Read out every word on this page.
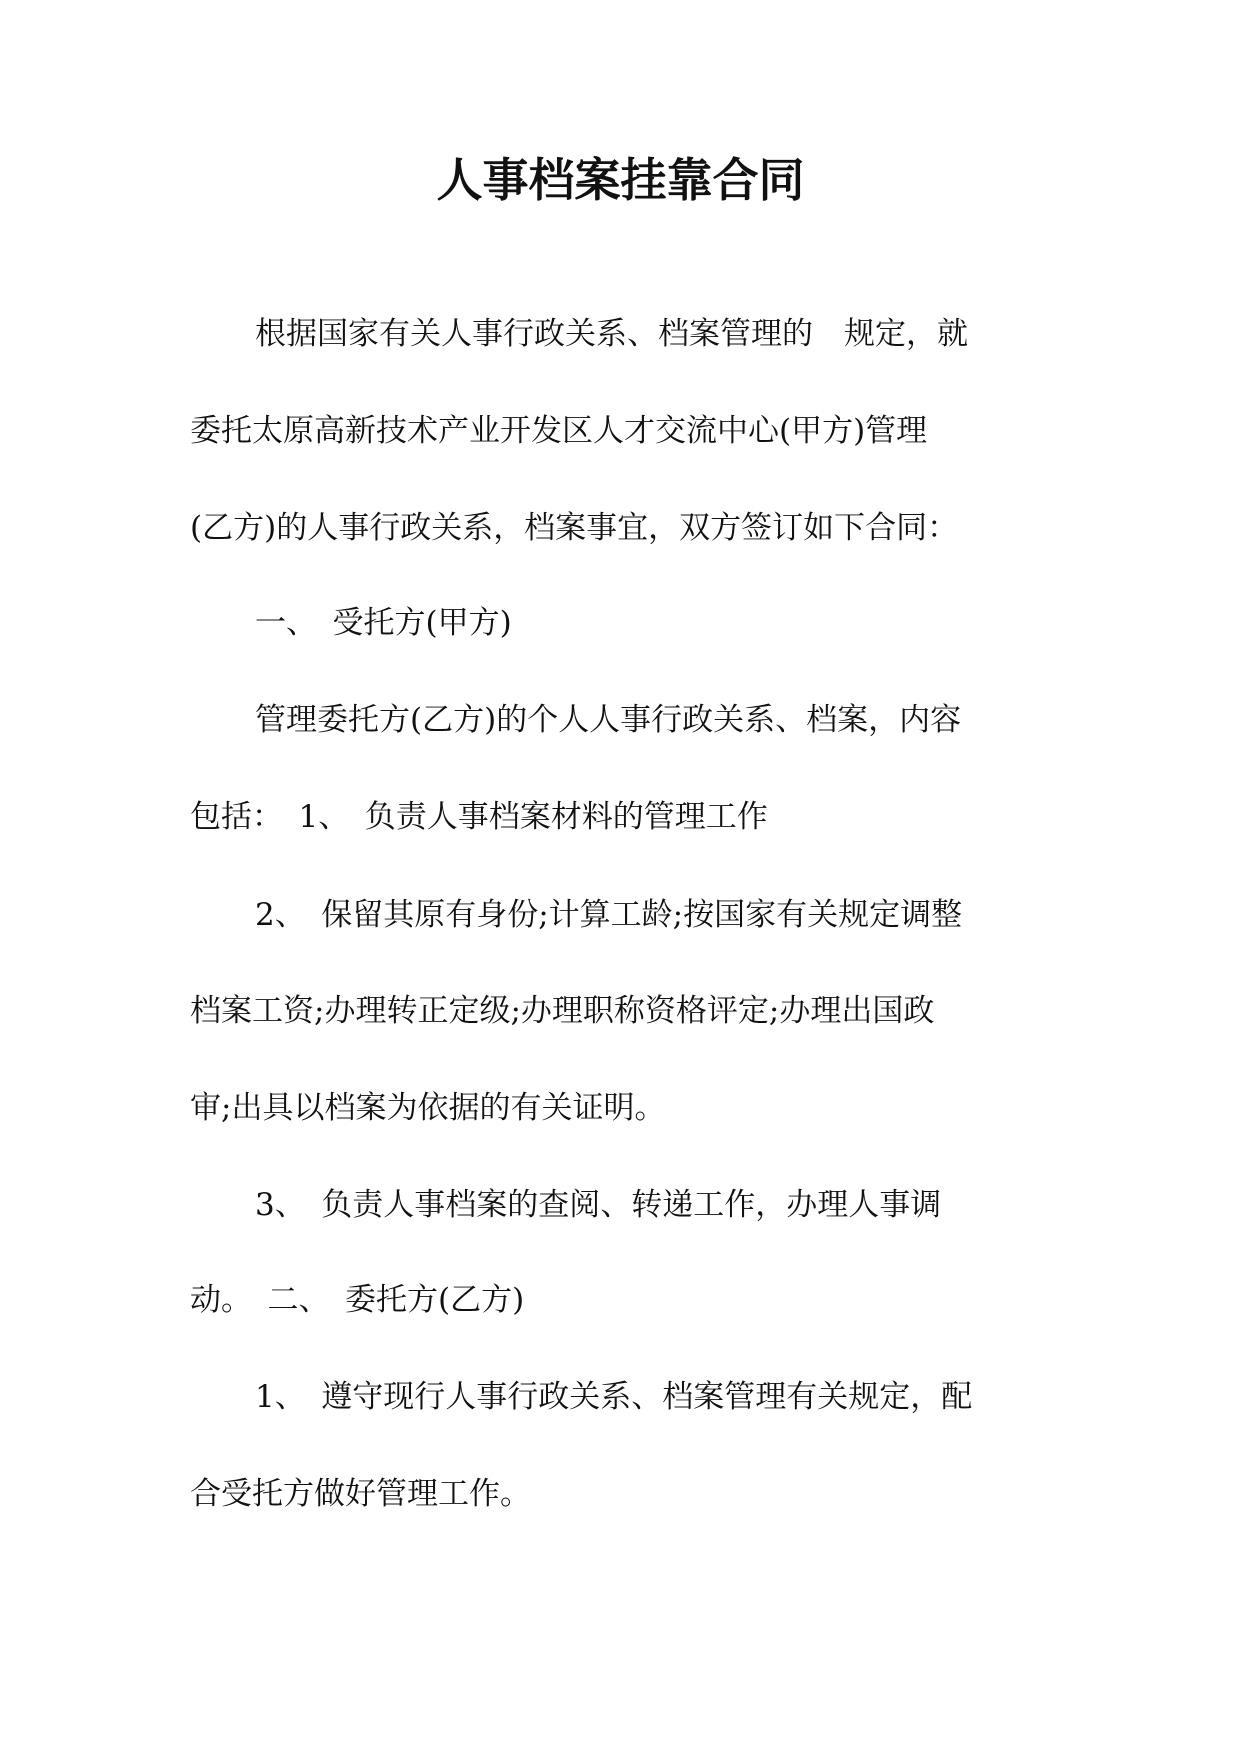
人事档案挂靠合同
根据国家有关人事行政关系、档案管理的　规定，就
委托太原高新技术产业开发区人才交流中心(甲方)管理
(乙方)的人事行政关系，档案事宜，双方签订如下合同：
一、　受托方(甲方)
管理委托方(乙方)的个人人事行政关系、档案，内容
包括：　1、　负责人事档案材料的管理工作
2、　保留其原有身份;计算工龄;按国家有关规定调整
档案工资;办理转正定级;办理职称资格评定;办理出国政
审;出具以档案为依据的有关证明。
3、　负责人事档案的查阅、转递工作，办理人事调
动。　二、　委托方(乙方)
1、　遵守现行人事行政关系、档案管理有关规定，配
合受托方做好管理工作。
